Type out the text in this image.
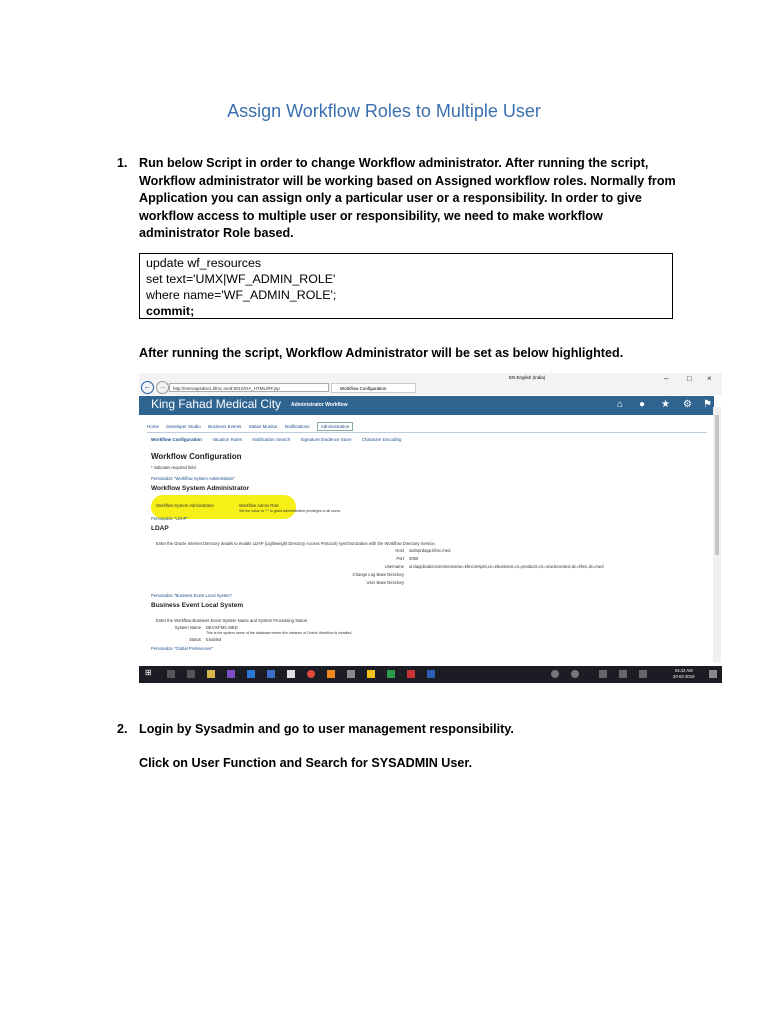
Assign Workflow Roles to Multiple User
1. Run below Script in order to change Workflow administrator. After running the script, Workflow administrator will be working based on Assigned workflow roles. Normally from Application you can assign only a particular user or a responsibility. In order to give workflow access to multiple user or responsibility, we need to make workflow administrator Role based.
update wf_resources
set text='UMX|WF_ADMIN_ROLE'
where name='WF_ADMIN_ROLE';
commit;
After running the script, Workflow Administrator will be set as below highlighted.
← →	http://meroapsdev1.kfmc.med:8010/OA_HTML/RF.jsp	Workflow Configuration
EN English (India)	– □ ×
King Fahad Medical City Administrator Workflow	⌂ ● ★ ⚙ ⚑
Home Developer Studio Business Events Status Monitor Notifications	Administration
Workflow Configuration Vacation Rules Notification Search Signature Evidence Store Character Encoding
Workflow Configuration
* indicates required field
Personalize "Workflow System Administrator"
Workflow System Administrator
Workflow System Administrator	Workflow Admin Role
Set the value to "*" to grant administrative privileges to all users.
Personalize "LDAP"
LDAP
Enter the Oracle Internet Directory details to enable LDAP (Lightweight Directory Access Protocol) synchronization with the Workflow Directory Service.
Host oidmprdapp.kfmc.med
Port 3060
Username orclapplicationcommonname=kfmcmrsprd,cn=ebusiness,cn=products,cn=oraclecontext,dc=kfmc,dc=med
Change Log Base Directory
User Base Directory
Personalize "Business Event Local System"
Business Event Local System
Enter the Workflow Business Event System Name and System Processing Status.
System Name DEV.KFMC.MED
This is the system name of the database where this instance of Oracle Workflow is installed.
Status Enabled
Personalize "Global Preferences"
⊞	04:42 AM
20-02-2019
2. Login by Sysadmin and go to user management responsibility.
Click on User Function and Search for SYSADMIN User.
